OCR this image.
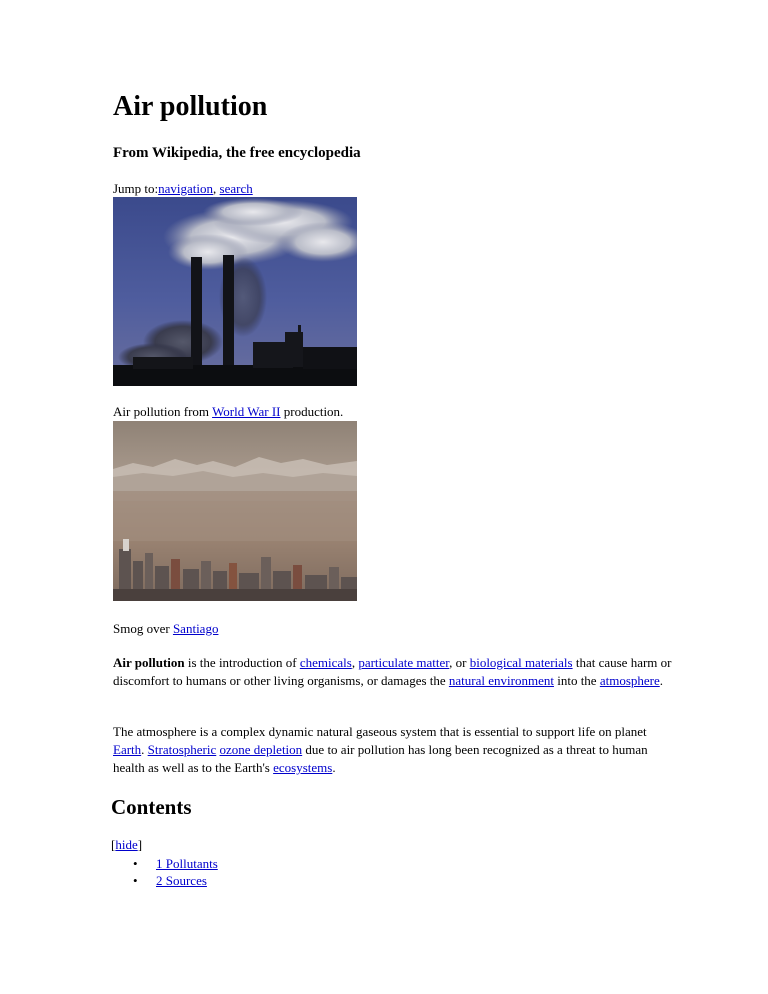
Air pollution
From Wikipedia, the free encyclopedia
Jump to:navigation, search
Air pollution from World War II production.
Smog over Santiago

Air pollution is the introduction of chemicals, particulate matter, or biological materials that cause harm or discomfort to humans or other living organisms, or damages the natural environment into the atmosphere.

The atmosphere is a complex dynamic natural gaseous system that is essential to support life on planet Earth. Stratospheric ozone depletion due to air pollution has long been recognized as a threat to human health as well as to the Earth's ecosystems.

Contents
[hide]
• 1 Pollutants
• 2 Sources
